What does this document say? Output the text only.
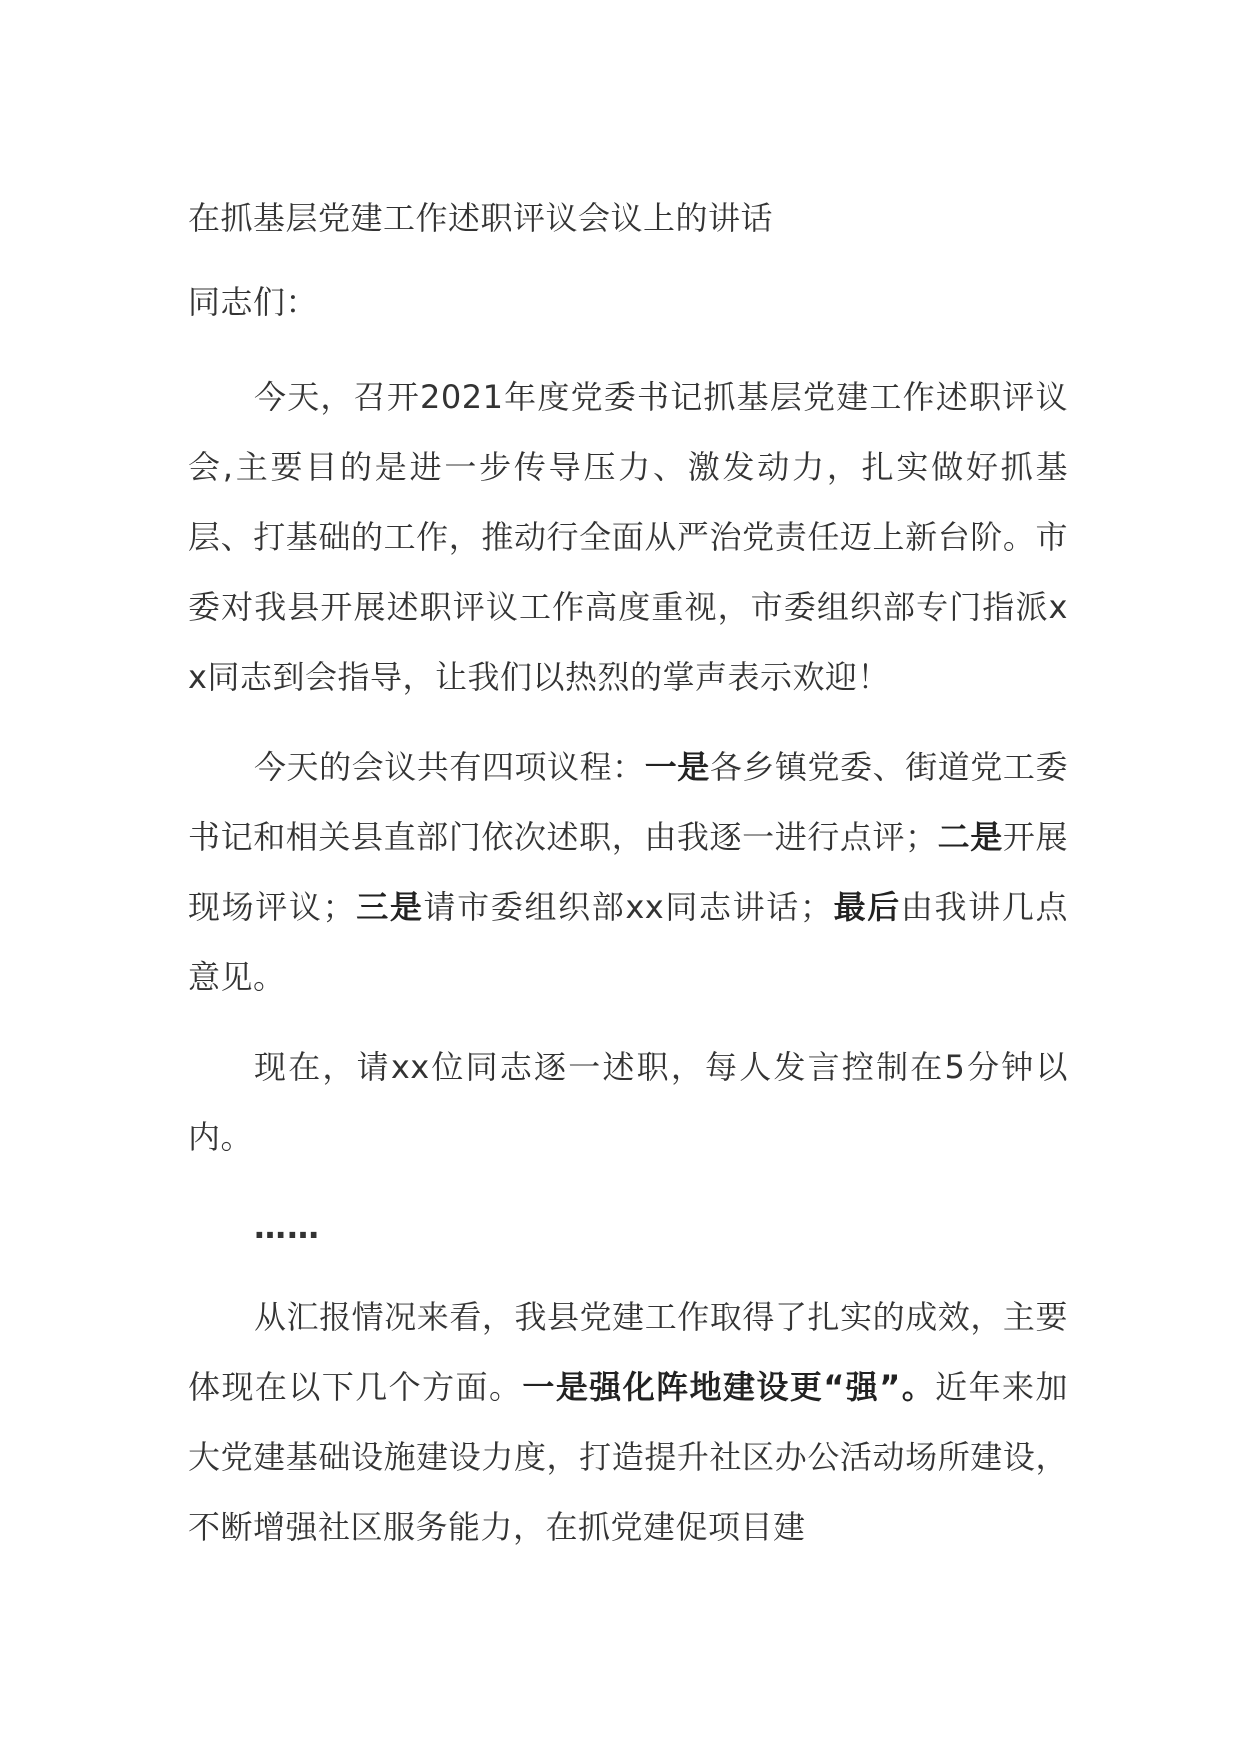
在抓基层党建工作述职评议会议上的讲话

同志们：

今天，召开2021年度党委书记抓基层党建工作述职评议会,主要目的是进一步传导压力、激发动力，扎实做好抓基层、打基础的工作，推动行全面从严治党责任迈上新台阶。市委对我县开展述职评议工作高度重视，市委组织部专门指派xx同志到会指导，让我们以热烈的掌声表示欢迎！

今天的会议共有四项议程：一是各乡镇党委、街道党工委书记和相关县直部门依次述职，由我逐一进行点评；二是开展现场评议；三是请市委组织部xx同志讲话；最后由我讲几点意见。

现在，请xx位同志逐一述职，每人发言控制在5分钟以内。

……

从汇报情况来看，我县党建工作取得了扎实的成效，主要体现在以下几个方面。一是强化阵地建设更“强”。近年来加大党建基础设施建设力度，打造提升社区办公活动场所建设，不断增强社区服务能力，在抓党建促项目建
